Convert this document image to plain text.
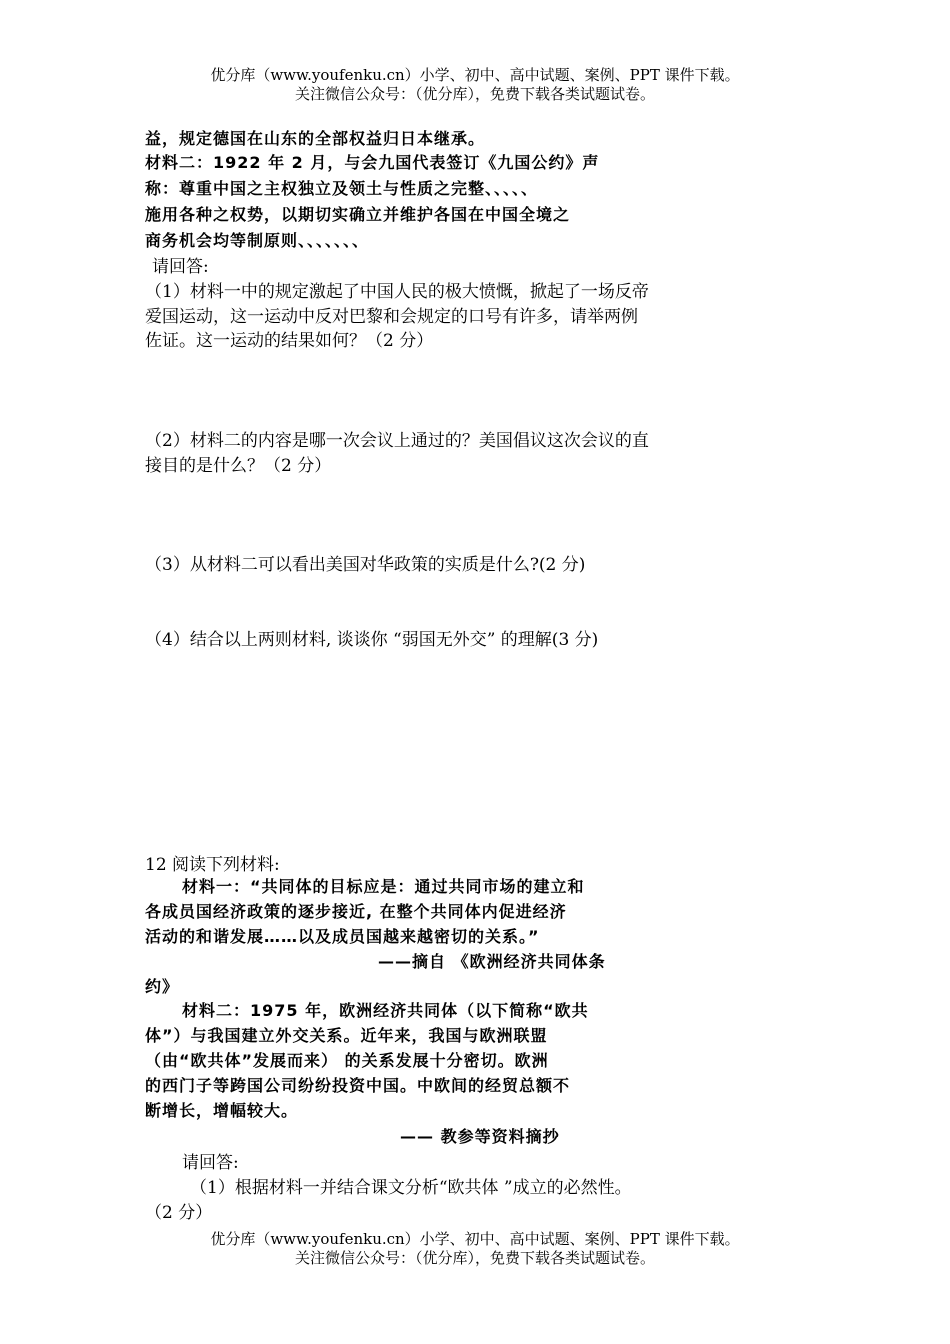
优分库（www.youfenku.cn）小学、初中、高中试题、案例、PPT 课件下载。
关注微信公众号：（优分库），免费下载各类试题试卷。
益，规定德国在山东的全部权益归日本继承。
材料二：1922 年 2 月，与会九国代表签订《九国公约》声
称：尊重中国之主权独立及领土与性质之完整、、、、、
施用各种之权势，以期切实确立并维护各国在中国全境之
商务机会均等制原则、、、、、、、
请回答:
（1）材料一中的规定激起了中国人民的极大愤慨，掀起了一场反帝
爱国运动，这一运动中反对巴黎和会规定的口号有许多，请举两例
佐证。这一运动的结果如何？（2 分）
（2）材料二的内容是哪一次会议上通过的？美国倡议这次会议的直
接目的是什么？（2 分）
（3）从材料二可以看出美国对华政策的实质是什么?(2 分)
（4）结合以上两则材料, 谈谈你 “弱国无外交” 的理解(3 分)
12 阅读下列材料:
材料一：“共同体的目标应是：通过共同市场的建立和
各成员国经济政策的逐步接近, 在整个共同体内促进经济
活动的和谐发展……以及成员国越来越密切的关系。”
——摘自 《欧洲经济共同体条
约》
材料二：1975 年，欧洲经济共同体（以下简称“欧共
体”）与我国建立外交关系。近年来，我国与欧洲联盟
（由“欧共体”发展而来） 的关系发展十分密切。欧洲
的西门子等跨国公司纷纷投资中国。中欧间的经贸总额不
断增长，增幅较大。
—— 教参等资料摘抄
请回答:
（1）根据材料一并结合课文分析“欧共体 ”成立的必然性。
（2 分）
优分库（www.youfenku.cn）小学、初中、高中试题、案例、PPT 课件下载。
关注微信公众号：（优分库），免费下载各类试题试卷。
